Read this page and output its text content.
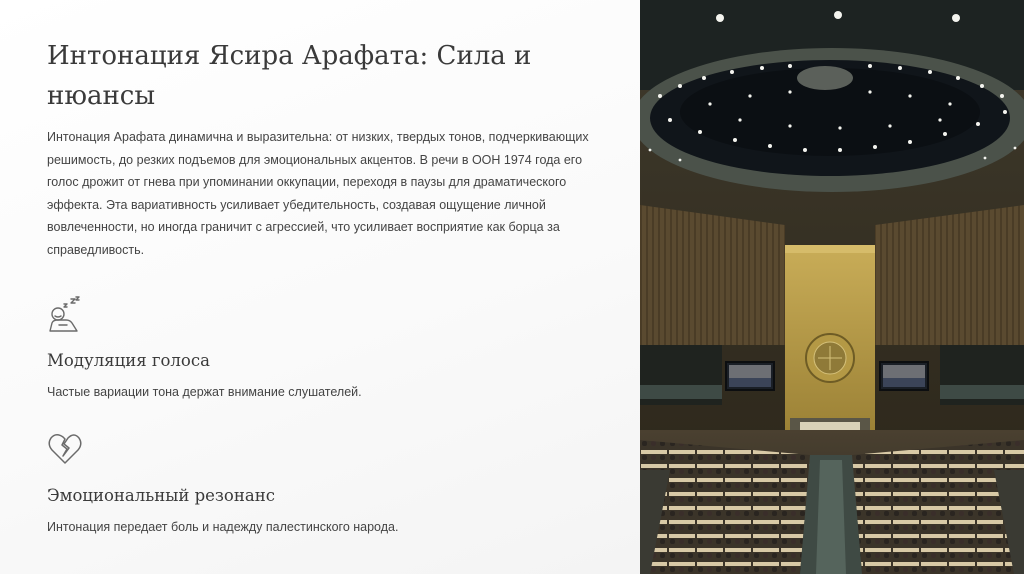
Интонация Ясира Арафата: Сила и нюансы

Интонация Арафата динамична и выразительна: от низких, твердых тонов, подчеркивающих решимость, до резких подъемов для эмоциональных акцентов. В речи в ООН 1974 года его голос дрожит от гнева при упоминании оккупации, переходя в паузы для драматического эффекта. Эта вариативность усиливает убедительность, создавая ощущение личной вовлеченности, но иногда граничит с агрессией, что усиливает восприятие как борца за справедливость.

Модуляция голоса

Частые вариации тона держат внимание слушателей.

Эмоциональный резонанс

Интонация передает боль и надежду палестинского народа.
